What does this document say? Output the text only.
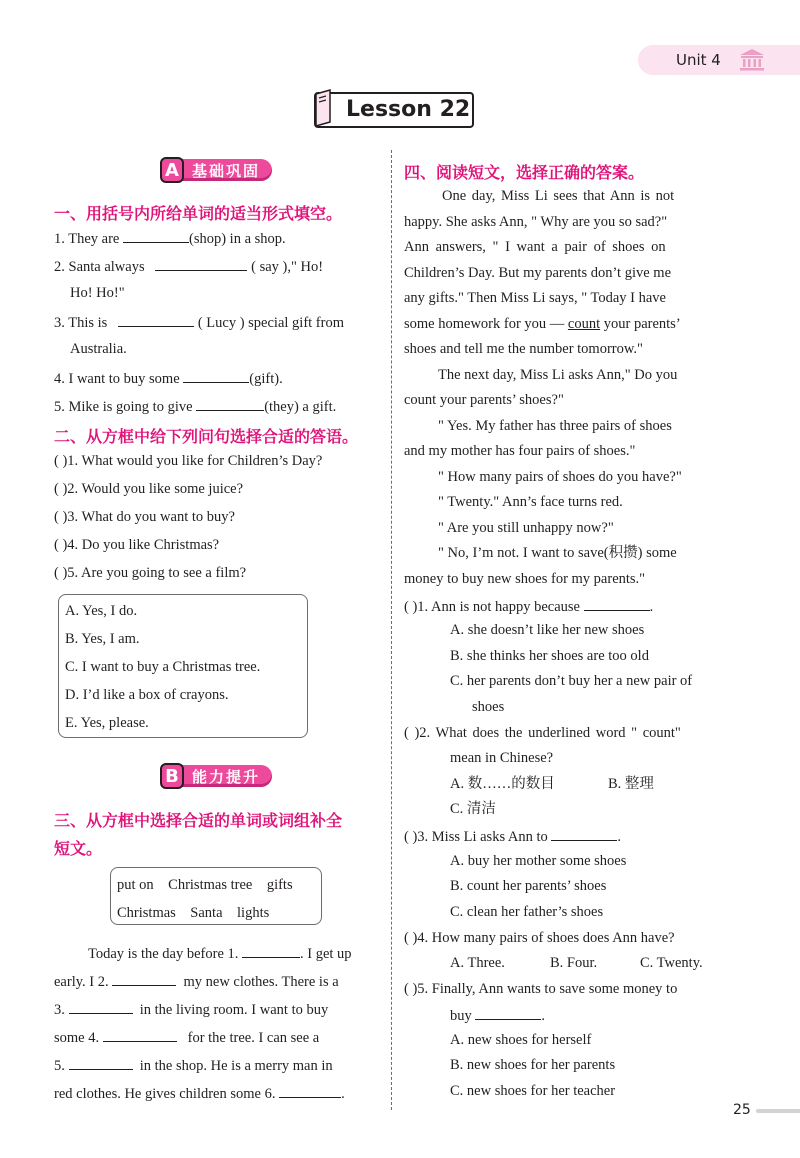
Unit 4
Lesson 22
A 基础巩固
一、用括号内所给单词的适当形式填空。
1. They are	(shop) in a shop.
2. Santa always	( say )," Ho!
Ho! Ho!"
3. This is	( Lucy ) special gift from
Australia.
4. I want to buy some	(gift).
5. Mike is going to give	(they) a gift.
二、从方框中给下列问句选择合适的答语。
( )1. What would you like for Children’s Day?
( )2. Would you like some juice?
( )3. What do you want to buy?
( )4. Do you like Christmas?
( )5. Are you going to see a film?
A. Yes, I do.
B. Yes, I am.
C. I want to buy a Christmas tree.
D. I’d like a box of crayons.
E. Yes, please.
B 能力提升
三、从方框中选择合适的单词或词组补全
短文。
put on    Christmas tree    gifts
Christmas    Santa    lights
Today is the day before 1.	. I get up
early. I 2.	my new clothes. There is a
3.	in the living room. I want to buy
some 4.	for the tree. I can see a
5.	in the shop. He is a merry man in
red clothes. He gives children some 6.	.
四、阅读短文，选择正确的答案。
One day, Miss Li sees that Ann is not
happy. She asks Ann, " Why are you so sad?"
Ann answers, " I want a pair of shoes on
Children’s Day. But my parents don’t give me
any gifts." Then Miss Li says, " Today I have
some homework for you — count your parents’
shoes and tell me the number tomorrow."
The next day, Miss Li asks Ann," Do you
count your parents’ shoes?"
" Yes. My father has three pairs of shoes
and my mother has four pairs of shoes."
" How many pairs of shoes do you have?"
" Twenty." Ann’s face turns red.
" Are you still unhappy now?"
" No, I’m not. I want to save(积攒) some
money to buy new shoes for my parents."
( )1. Ann is not happy because	.
A. she doesn’t like her new shoes
B. she thinks her shoes are too old
C. her parents don’t buy her a new pair of
shoes
( )2. What does the underlined word " count"
mean in Chinese?
A. 数……的数目	B. 整理
C. 清洁
( )3. Miss Li asks Ann to	.
A. buy her mother some shoes
B. count her parents’ shoes
C. clean her father’s shoes
( )4. How many pairs of shoes does Ann have?
A. Three.	B. Four.	C. Twenty.
( )5. Finally, Ann wants to save some money to
buy	.
A. new shoes for herself
B. new shoes for her parents
C. new shoes for her teacher
25
